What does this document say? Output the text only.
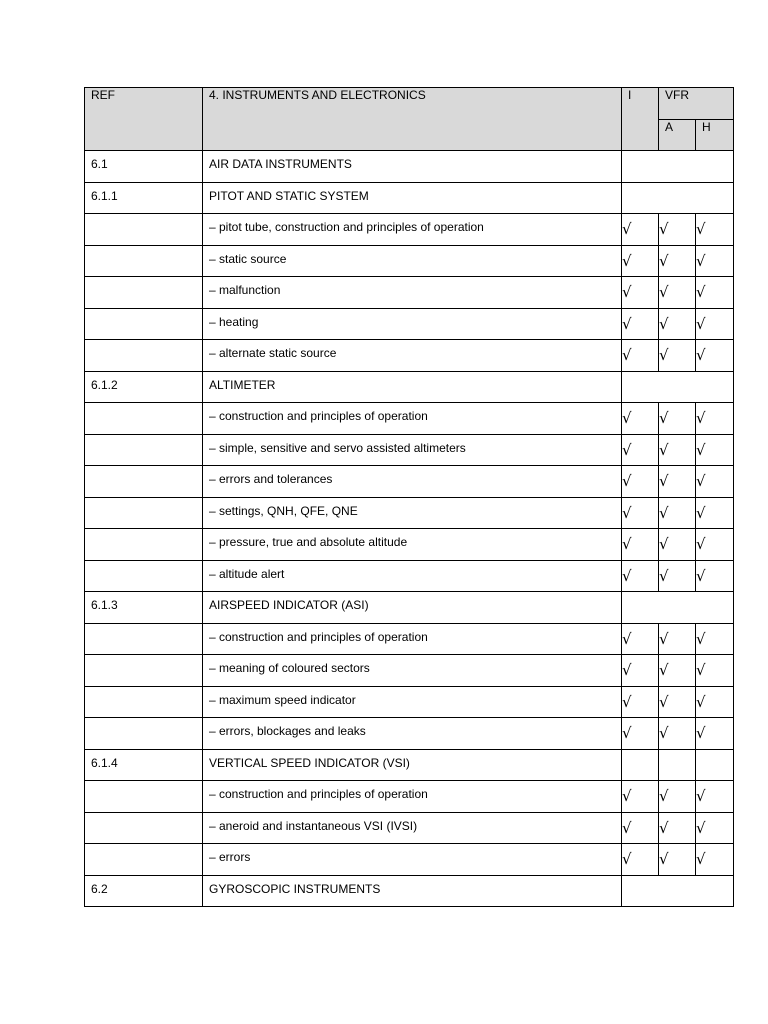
REF	4. INSTRUMENTS AND ELECTRONICS	I	VFR	
			A	H
6.1	AIR DATA INSTRUMENTS			
6.1.1	PITOT AND STATIC SYSTEM			
	– pitot tube, construction and principles of operation	√	√	√
	– static source	√	√	√
	– malfunction	√	√	√
	– heating	√	√	√
	– alternate static source	√	√	√
6.1.2	ALTIMETER			
	– construction and principles of operation	√	√	√
	– simple, sensitive and servo assisted altimeters	√	√	√
	– errors and tolerances	√	√	√
	– settings, QNH, QFE, QNE	√	√	√
	– pressure, true and absolute altitude	√	√	√
	– altitude alert	√	√	√
6.1.3	AIRSPEED INDICATOR (ASI)			
	– construction and principles of operation	√	√	√
	– meaning of coloured sectors	√	√	√
	– maximum speed indicator	√	√	√
	– errors, blockages and leaks	√	√	√
6.1.4	VERTICAL SPEED INDICATOR (VSI)			
	– construction and principles of operation	√	√	√
	– aneroid and instantaneous VSI (IVSI)	√	√	√
	– errors	√	√	√
6.2	GYROSCOPIC INSTRUMENTS			
